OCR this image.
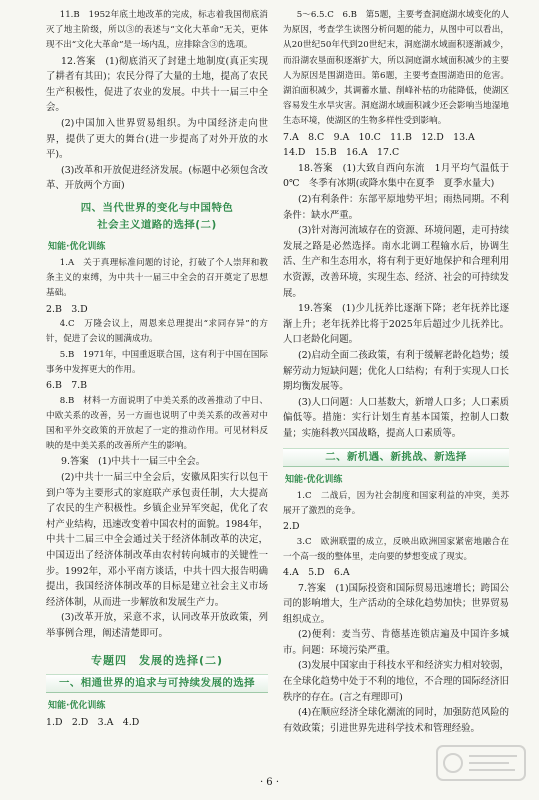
11.B　1952年底土地改革的完成，标志着我国彻底消灭了地主阶级，所以③的表述与“文化大革命”无关，更体现不出“文化大革命”是一场内乱，应排除含③的选项。

12.答案　(1)彻底消灭了封建土地制度(真正实现了耕者有其田)；农民分得了大量的土地，提高了农民生产积极性，促进了农业的发展。中共十一届三中全会。

(2)中国加入世界贸易组织。为中国经济走向世界，提供了更大的舞台(进一步提高了对外开放的水平)。

(3)改革和开放促进经济发展。(标题中必须包含改革、开放两个方面)

四、当代世界的变化与中国特色
社会主义道路的选择(二)
知能·优化训练

1.A　关于真理标准问题的讨论，打破了个人崇拜和教条主义的束缚，为中共十一届三中全会的召开奠定了思想基础。

2.B　3.D

4.C　万隆会议上，周恩来总理提出“求同存异”的方针，促进了会议的圆满成功。

5.B　1971年，中国重返联合国，这有利于中国在国际事务中发挥更大的作用。

6.B　7.B

8.B　材料一方面说明了中美关系的改善推动了中日、中欧关系的改善，另一方面也说明了中美关系的改善对中国和平外交政策的开放起了一定的推动作用。可见材料反映的是中美关系的改善所产生的影响。

9.答案　(1)中共十一届三中全会。

(2)中共十一届三中全会后，安徽凤阳实行以包干到户等为主要形式的家庭联产承包责任制，大大提高了农民的生产积极性。乡镇企业异军突起，优化了农村产业结构，迅速改变着中国农村的面貌。1984年，中共十二届三中全会通过关于经济体制改革的决定，中国迈出了经济体制改革由农村转向城市的关键性一步。1992年，邓小平南方谈话，中共十四大报告明确提出，我国经济体制改革的目标是建立社会主义市场经济体制，从而进一步解放和发展生产力。

(3)改革开放，采意不求，认同改革开放政策，列举事例合理，阐述清楚即可。

专题四　发展的选择(二)
一、相通世界的追求与可持续发展的选择
知能·优化训练

1.D　2.D　3.A　4.D

5～6.5.C　6.B　第5题，主要考查洞庭湖水域变化的人为原因，考查学生读图分析问题的能力，从图中可以看出，从20世纪50年代到20世纪末，洞庭湖水域面积逐渐减少，而沿湖农垦面积逐渐扩大，所以洞庭湖水域面积减少的主要人为原因是围湖造田。第6题，主要考查围湖造田的危害。湖泊面积减少，其调蓄水量、削峰补枯的功能降低，使湖区容易发生水旱灾害。洞庭湖水域面积减少还会影响当地湿地生态环境，使湖区的生物多样性受到影响。

7.A　8.C　9.A　10.C　11.B　12.D　13.A

14.D　15.B　16.A　17.C

18.答案　(1)大致自西向东流　1月平均气温低于0℃　冬季有冰期(或降水集中在夏季　夏季水量大)

(2)有利条件：东部平原地势平坦；雨热同期。不利条件：缺水严重。

(3)针对海河流域存在的资源、环境问题，走可持续发展之路是必然选择。南水北调工程输水后，协调生活、生产和生态用水，将有利于更好地保护和合理利用水资源，改善环境，实现生态、经济、社会的可持续发展。

19.答案　(1)少儿抚养比逐渐下降；老年抚养比逐渐上升；老年抚养比将于2025年后超过少儿抚养比。人口老龄化问题。

(2)启动全面二孩政策，有利于缓解老龄化趋势；缓解劳动力短缺问题；优化人口结构；有利于实现人口长期均衡发展等。

(3)人口问题：人口基数大，新增人口多；人口素质偏低等。措施：实行计划生育基本国策，控制人口数量；实施科教兴国战略，提高人口素质等。

二、新机遇、新挑战、新选择
知能·优化训练

1.C　二战后，因为社会制度和国家利益的冲突，美苏展开了激烈的竞争。

2.D

3.C　欧洲联盟的成立，反映出欧洲国家紧密地融合在一个高一级的整体里，走向要的梦想变成了现实。

4.A　5.D　6.A

7.答案　(1)国际投资和国际贸易迅速增长；跨国公司的影响增大，生产活动的全球化趋势加快；世界贸易组织成立。

(2)便利：麦当劳、肯德基连锁店遍及中国许多城市。问题：环境污染严重。

(3)发展中国家由于科技水平和经济实力相对较弱，在全球化趋势中处于不利的地位，不合理的国际经济旧秩序的存在。(言之有理即可)

(4)在顺应经济全球化潮流的同时，加强防范风险的有效政策；引进世界先进科学技术和管理经验。

· 6 ·
